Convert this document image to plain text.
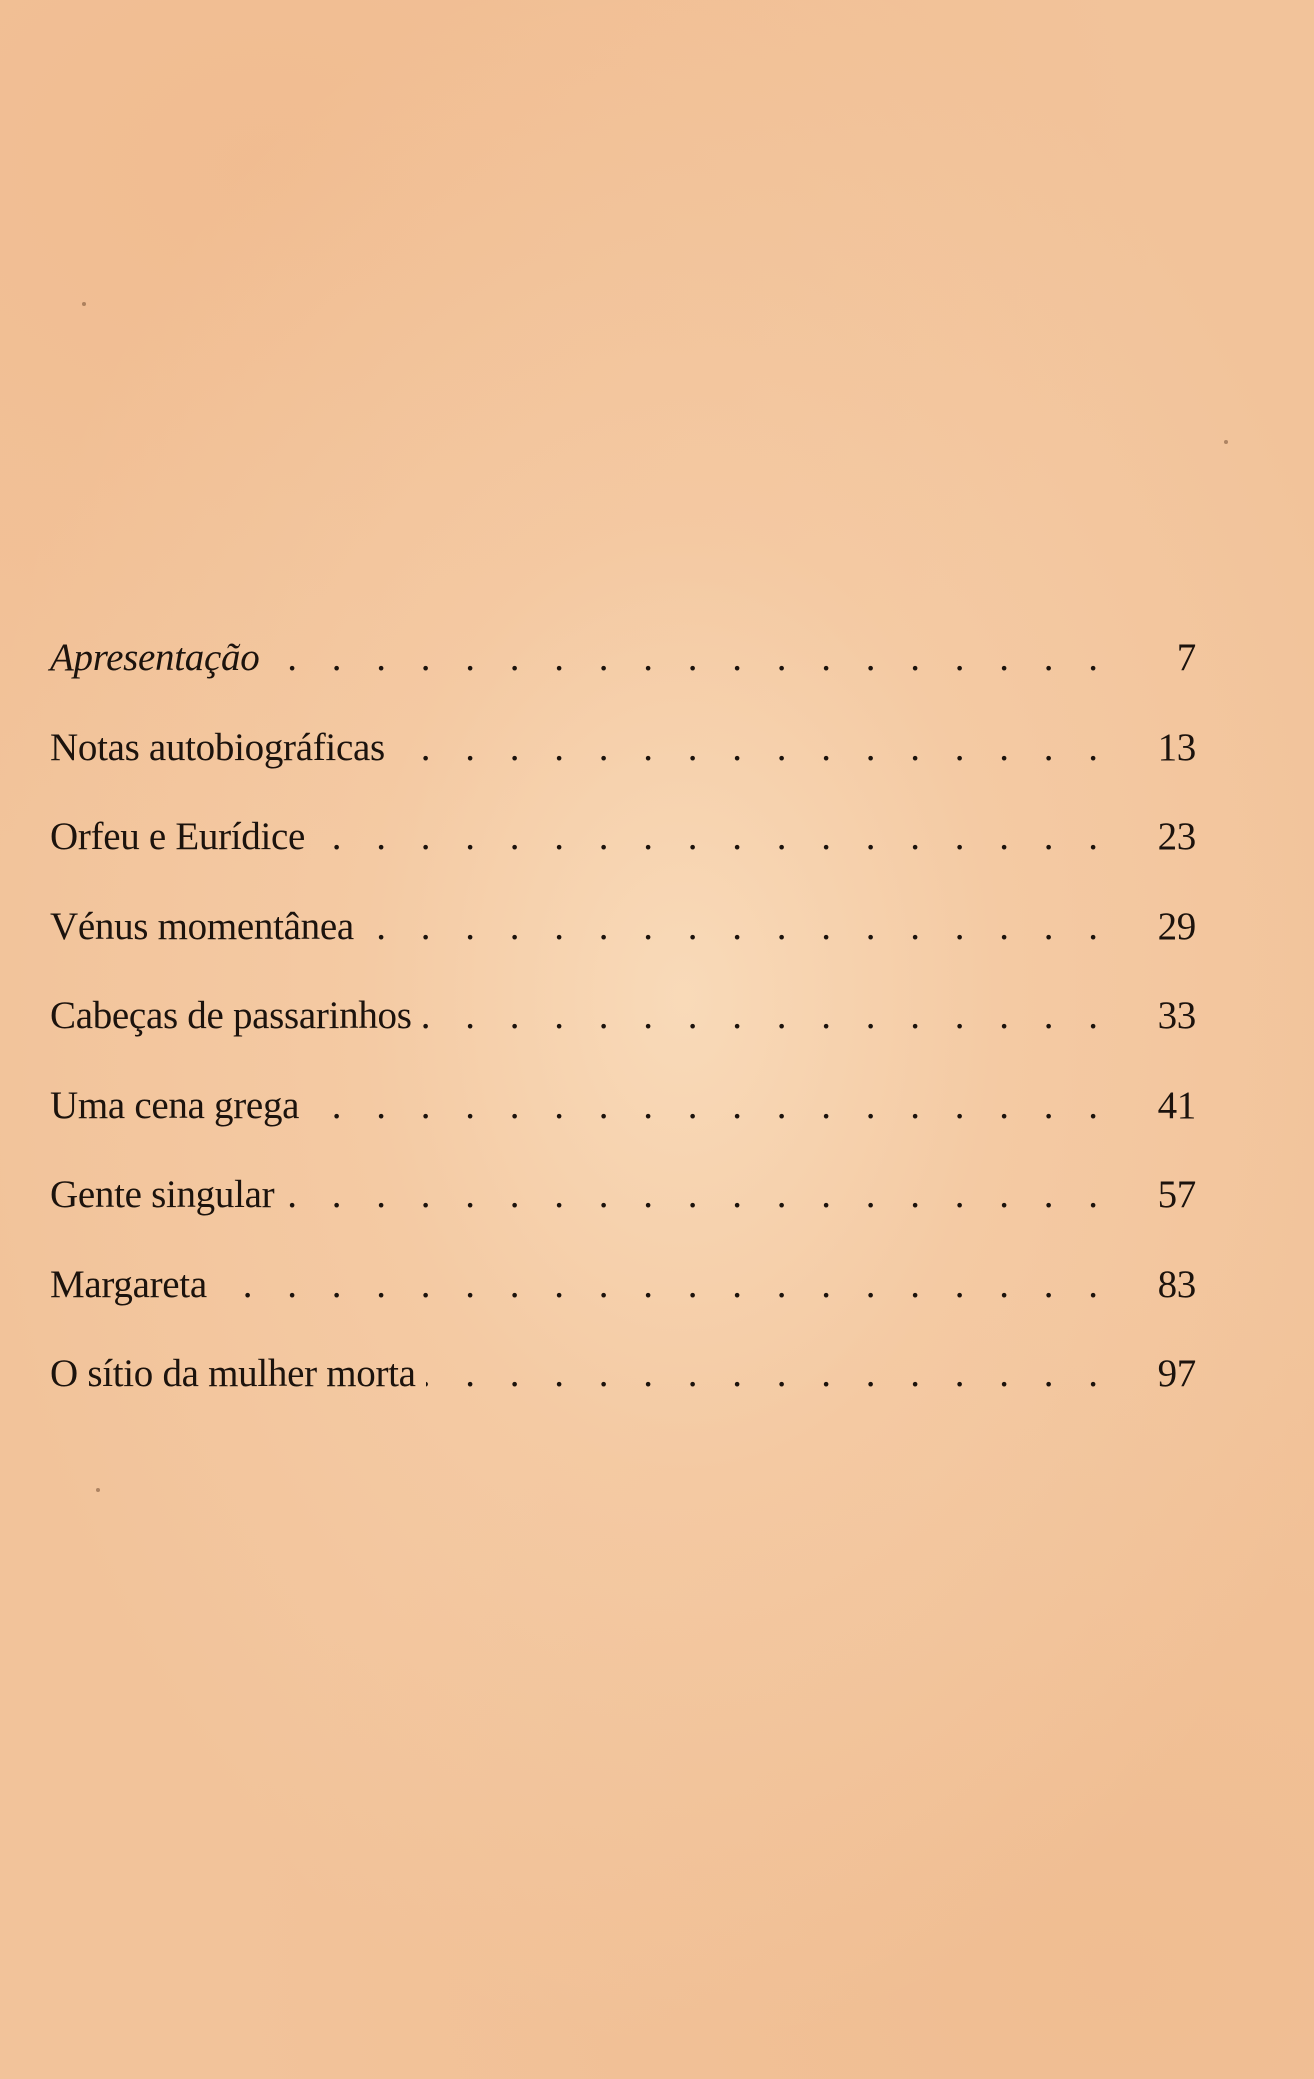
Apresentação . . .	7
Notas autobiográficas . . .	13
Orfeu e Eurídice . . .	23
Vénus momentânea . . .	29
Cabeças de passarinhos . . .	33
Uma cena grega . . .	41
Gente singular . . .	57
Margareta . . .	83
O sítio da mulher morta . . .	97
